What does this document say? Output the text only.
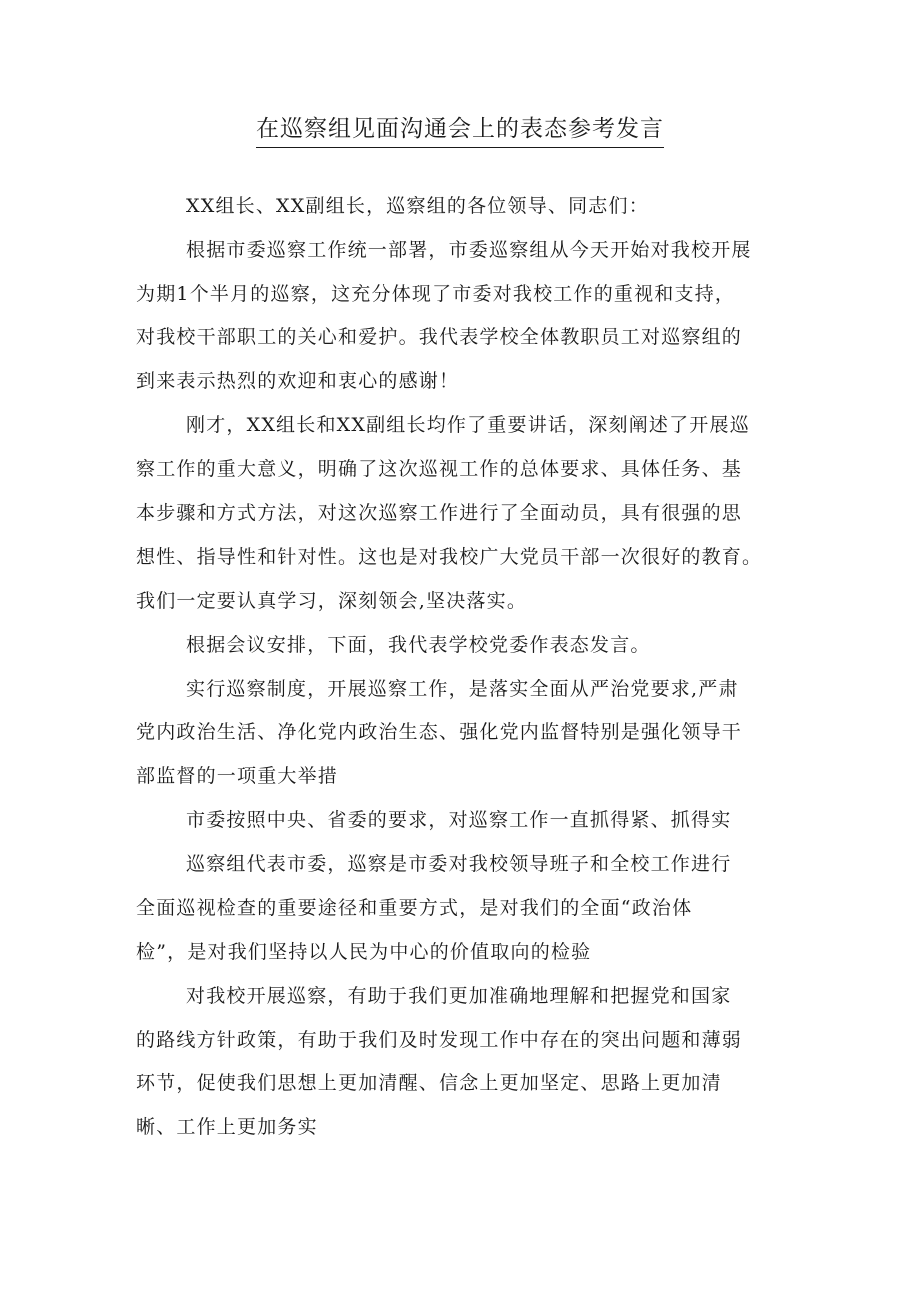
在巡察组见面沟通会上的表态参考发言
XX组长、XX副组长，巡察组的各位领导、同志们：
根据市委巡察工作统一部署，市委巡察组从今天开始对我校开展
为期1个半月的巡察，这充分体现了市委对我校工作的重视和支持，
对我校干部职工的关心和爱护。我代表学校全体教职员工对巡察组的
到来表示热烈的欢迎和衷心的感谢！
刚才，XX组长和XX副组长均作了重要讲话，深刻阐述了开展巡
察工作的重大意义，明确了这次巡视工作的总体要求、具体任务、基
本步骤和方式方法，对这次巡察工作进行了全面动员，具有很强的思
想性、指导性和针对性。这也是对我校广大党员干部一次很好的教育。
我们一定要认真学习，深刻领会,坚决落实。
根据会议安排，下面，我代表学校党委作表态发言。
实行巡察制度，开展巡察工作，是落实全面从严治党要求,严肃
党内政治生活、净化党内政治生态、强化党内监督特别是强化领导干
部监督的一项重大举措
市委按照中央、省委的要求，对巡察工作一直抓得紧、抓得实
巡察组代表市委，巡察是市委对我校领导班子和全校工作进行
全面巡视检查的重要途径和重要方式，是对我们的全面“政治体
检”，是对我们坚持以人民为中心的价值取向的检验
对我校开展巡察，有助于我们更加准确地理解和把握党和国家
的路线方针政策，有助于我们及时发现工作中存在的突出问题和薄弱
环节，促使我们思想上更加清醒、信念上更加坚定、思路上更加清
晰、工作上更加务实
